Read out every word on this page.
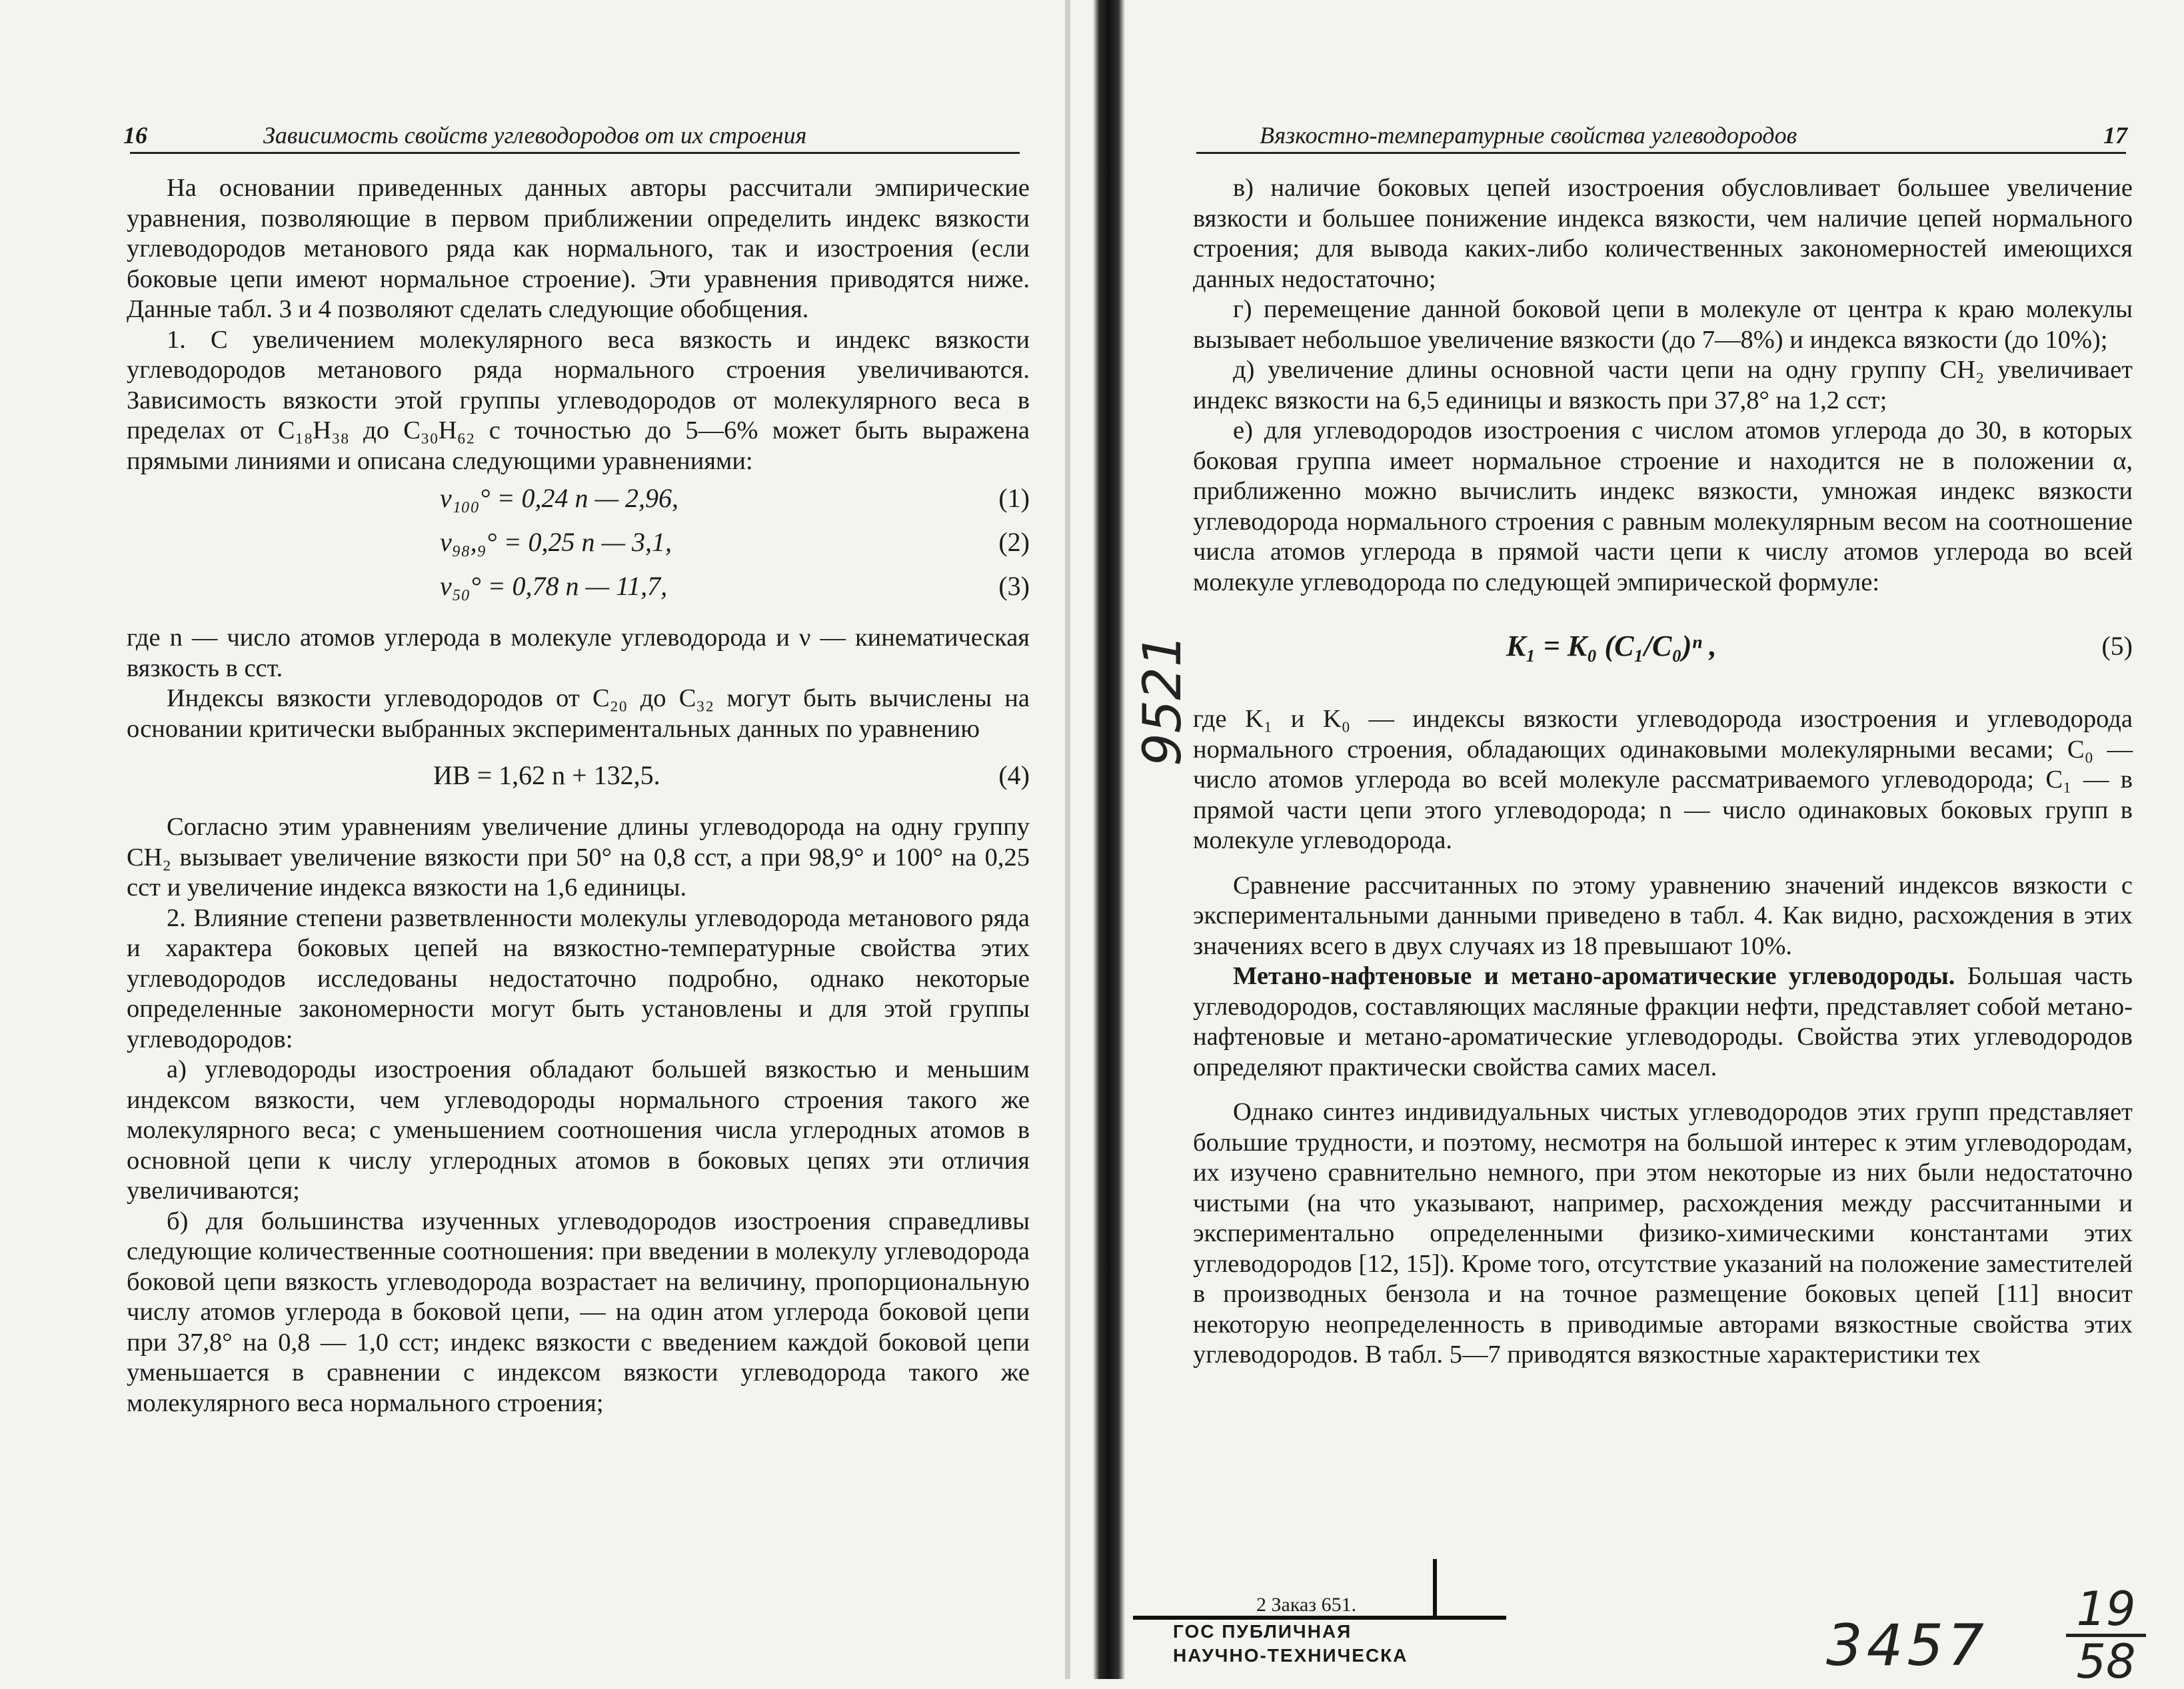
16	Зависимость свойств углеводородов от их строения

На основании приведенных данных авторы рассчитали эмпирические уравнения, позволяющие в первом приближении определить индекс вязкости углеводородов метанового ряда как нормального, так и изостроения (если боковые цепи имеют нормальное строение). Эти уравнения приводятся ниже. Данные табл. 3 и 4 позволяют сделать следующие обобщения.

1. С увеличением молекулярного веса вязкость и индекс вязкости углеводородов метанового ряда нормального строения увеличиваются. Зависимость вязкости этой группы углеводородов от молекулярного веса в пределах от C₁₈H₃₈ до C₃₀H₆₂ с точностью до 5—6% может быть выражена прямыми линиями и описана следующими уравнениями:

ν₁₀₀° = 0,24 n — 2,96,	(1)
ν₉₈,₉° = 0,25 n — 3,1,	(2)
ν₅₀° = 0,78 n — 11,7,	(3)

где n — число атомов углерода в молекуле углеводорода и ν — кинематическая вязкость в сст.

Индексы вязкости углеводородов от C₂₀ до C₃₂ могут быть вычислены на основании критически выбранных экспериментальных данных по уравнению

ИВ = 1,62 n + 132,5.	(4)

Согласно этим уравнениям увеличение длины углеводорода на одну группу CH₂ вызывает увеличение вязкости при 50° на 0,8 сст, а при 98,9° и 100° на 0,25 сст и увеличение индекса вязкости на 1,6 единицы.

2. Влияние степени разветвленности молекулы углеводорода метанового ряда и характера боковых цепей на вязкостно-температурные свойства этих углеводородов исследованы недостаточно подробно, однако некоторые определенные закономерности могут быть установлены и для этой группы углеводородов:

а) углеводороды изостроения обладают большей вязкостью и меньшим индексом вязкости, чем углеводороды нормального строения такого же молекулярного веса; с уменьшением соотношения числа углеродных атомов в основной цепи к числу углеродных атомов в боковых цепях эти отличия увеличиваются;

б) для большинства изученных углеводородов изостроения справедливы следующие количественные соотношения: при введении в молекулу углеводорода боковой цепи вязкость углеводорода возрастает на величину, пропорциональную числу атомов углерода в боковой цепи, — на один атом углерода боковой цепи при 37,8° на 0,8 — 1,0 сст; индекс вязкости с введением каждой боковой цепи уменьшается в сравнении с индексом вязкости углеводорода такого же молекулярного веса нормального строения;

Вязкостно-температурные свойства углеводородов	17

в) наличие боковых цепей изостроения обусловливает большее увеличение вязкости и большее понижение индекса вязкости, чем наличие цепей нормального строения; для вывода каких-либо количественных закономерностей имеющихся данных недостаточно;

г) перемещение данной боковой цепи в молекуле от центра к краю молекулы вызывает небольшое увеличение вязкости (до 7—8%) и индекса вязкости (до 10%);

д) увеличение длины основной части цепи на одну группу CH₂ увеличивает индекс вязкости на 6,5 единицы и вязкость при 37,8° на 1,2 сст;

е) для углеводородов изостроения с числом атомов углерода до 30, в которых боковая группа имеет нормальное строение и находится не в положении α, приближенно можно вычислить индекс вязкости, умножая индекс вязкости углеводорода нормального строения с равным молекулярным весом на соотношение числа атомов углерода в прямой части цепи к числу атомов углерода во всей молекуле углеводорода по следующей эмпирической формуле:

K₁ = K₀ (C₁/C₀)ⁿ ,	(5)

где K₁ и K₀ — индексы вязкости углеводорода изостроения и углеводорода нормального строения, обладающих одинаковыми молекулярными весами; C₀ — число атомов углерода во всей молекуле рассматриваемого углеводорода; C₁ — в прямой части цепи этого углеводорода; n — число одинаковых боковых групп в молекуле углеводорода.

Сравнение рассчитанных по этому уравнению значений индексов вязкости с экспериментальными данными приведено в табл. 4. Как видно, расхождения в этих значениях всего в двух случаях из 18 превышают 10%.

Метано-нафтеновые и метано-ароматические углеводороды. Большая часть углеводородов, составляющих масляные фракции нефти, представляет собой метано-нафтеновые и метано-ароматические углеводороды. Свойства этих углеводородов определяют практически свойства самих масел.

Однако синтез индивидуальных чистых углеводородов этих групп представляет большие трудности, и поэтому, несмотря на большой интерес к этим углеводородам, их изучено сравнительно немного, при этом некоторые из них были недостаточно чистыми (на что указывают, например, расхождения между рассчитанными и экспериментально определенными физико-химическими константами этих углеводородов [12, 15]). Кроме того, отсутствие указаний на положение заместителей в производных бензола и на точное размещение боковых цепей [11] вносит некоторую неопределенность в приводимые авторами вязкостные свойства этих углеводородов. В табл. 5—7 приводятся вязкостные характеристики тех

2 Заказ 651.
ГОС ПУБЛИЧНАЯ
НАУЧНО-ТЕХНИЧЕСКА
9521
3457
19
58
